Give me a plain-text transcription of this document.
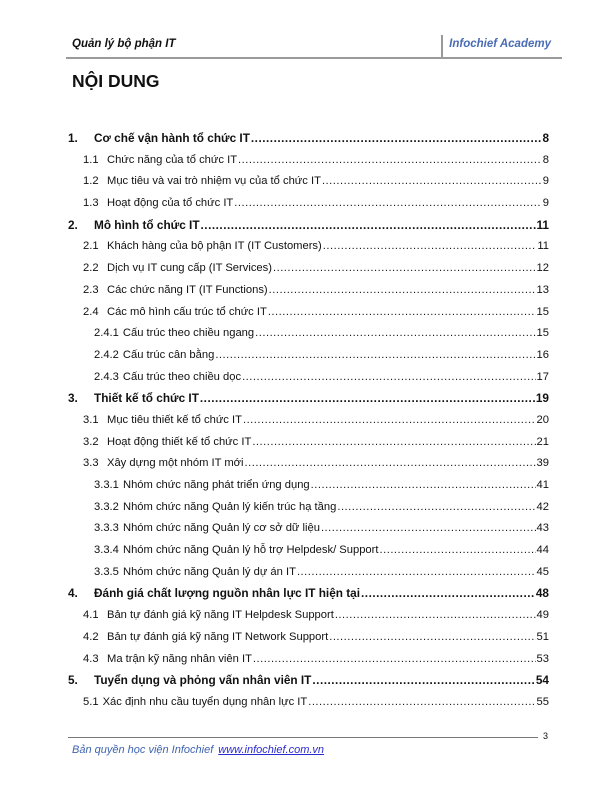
Quản lý bộ phận IT	Infochief Academy
NỘI DUNG
1.	Cơ chế vận hành tổ chức IT .....	8
1.1 Chức năng của tổ chức IT .....	8
1.2 Mục tiêu và vai trò nhiệm vụ của tổ chức IT .....	9
1.3 Hoạt động của tổ chức IT .....	9
2.	Mô hình tổ chức IT .....	11
2.1 Khách hàng của bộ phận IT (IT Customers) .....	11
2.2 Dịch vụ IT cung cấp (IT Services) .....	12
2.3 Các chức năng IT (IT Functions) .....	13
2.4 Các mô hình cấu trúc tổ chức IT .....	15
2.4.1 Cấu trúc theo chiều ngang .....	15
2.4.2 Cấu trúc cân bằng .....	16
2.4.3 Cấu trúc theo chiều dọc .....	17
3.	Thiết kế tổ chức IT .....	19
3.1 Mục tiêu thiết kế tổ chức IT .....	20
3.2 Hoạt động thiết kế tổ chức IT .....	21
3.3 Xây dựng một nhóm IT mới .....	39
3.3.1 Nhóm chức năng phát triển ứng dụng .....	41
3.3.2 Nhóm chức năng Quản lý kiến trúc hạ tầng .....	42
3.3.3 Nhóm chức năng Quản lý cơ sở dữ liệu .....	43
3.3.4 Nhóm chức năng Quản lý hỗ trợ Helpdesk/ Support .....	44
3.3.5 Nhóm chức năng Quản lý dự án IT .....	45
4.	Đánh giá chất lượng nguồn nhân lực IT hiện tại .....	48
4.1 Bản tự đánh giá kỹ năng IT Helpdesk Support .....	49
4.2 Bản tự đánh giá kỹ năng IT Network Support .....	51
4.3 Ma trận kỹ năng nhân viên IT .....	53
5.	Tuyển dụng và phỏng vấn nhân viên IT .....	54
5.1 Xác định nhu cầu tuyển dụng nhân lực IT .....	55
3
Bản quyền học viện Infochief www.infochief.com.vn
